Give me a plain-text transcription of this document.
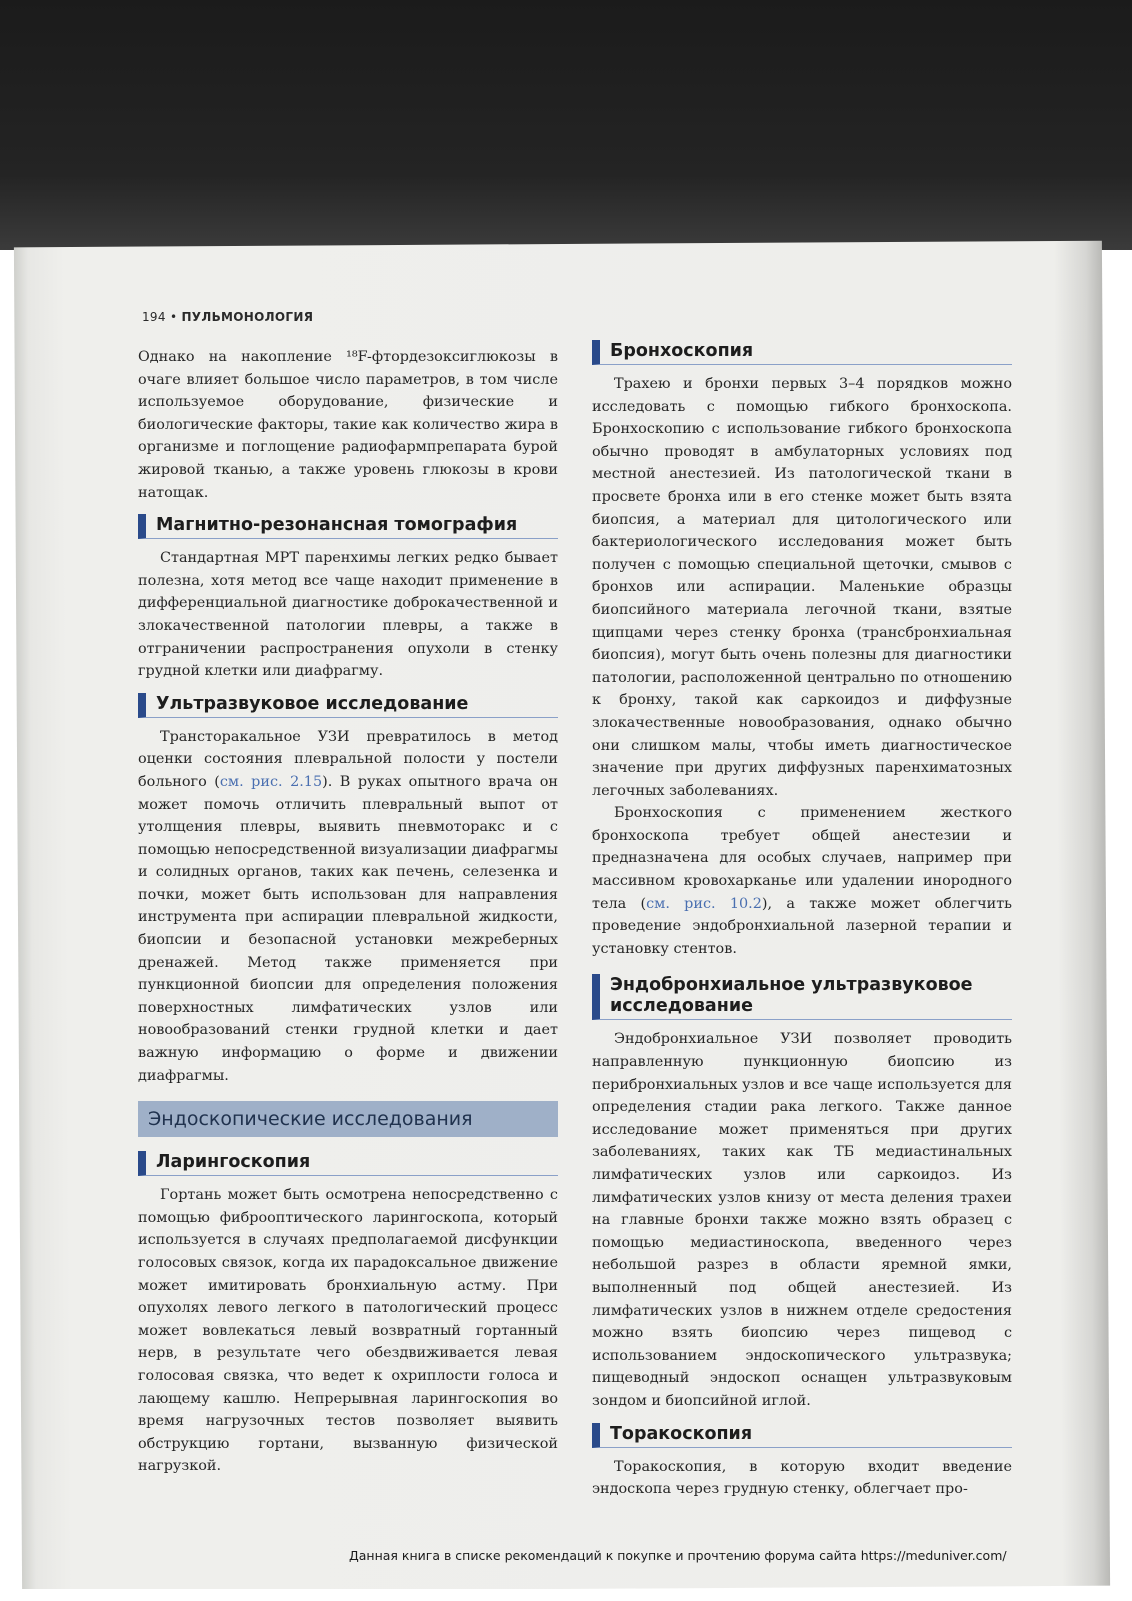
194 • ПУЛЬМОНОЛОГИЯ

Однако на накопление ¹⁸F-фтордезоксиглюкозы в очаге влияет большое число параметров, в том числе используемое оборудование, физические и биологические факторы, такие как количество жира в организме и поглощение радиофармпрепарата бурой жировой тканью, а также уровень глюкозы в крови натощак.

Магнитно-резонансная томография

Стандартная МРТ паренхимы легких редко бывает полезна, хотя метод все чаще находит применение в дифференциальной диагностике доброкачественной и злокачественной патологии плевры, а также в отграничении распространения опухоли в стенку грудной клетки или диафрагму.

Ультразвуковое исследование

Трансторакальное УЗИ превратилось в метод оценки состояния плевральной полости у постели больного (см. рис. 2.15). В руках опытного врача он может помочь отличить плевральный выпот от утолщения плевры, выявить пневмоторакс и с помощью непосредственной визуализации диафрагмы и солидных органов, таких как печень, селезенка и почки, может быть использован для направления инструмента при аспирации плевральной жидкости, биопсии и безопасной установки межреберных дренажей. Метод также применяется при пункционной биопсии для определения положения поверхностных лимфатических узлов или новообразований стенки грудной клетки и дает важную информацию о форме и движении диафрагмы.

Эндоскопические исследования
Ларингоскопия

Гортань может быть осмотрена непосредственно с помощью фиброоптического ларингоскопа, который используется в случаях предполагаемой дисфункции голосовых связок, когда их парадоксальное движение может имитировать бронхиальную астму. При опухолях левого легкого в патологический процесс может вовлекаться левый возвратный гортанный нерв, в результате чего обездвиживается левая голосовая связка, что ведет к охриплости голоса и лающему кашлю. Непрерывная ларингоскопия во время нагрузочных тестов позволяет выявить обструкцию гортани, вызванную физической нагрузкой.

Бронхоскопия

Трахею и бронхи первых 3–4 порядков можно исследовать с помощью гибкого бронхоскопа. Бронхоскопию с использование гибкого бронхоскопа обычно проводят в амбулаторных условиях под местной анестезией. Из патологической ткани в просвете бронха или в его стенке может быть взята биопсия, а материал для цитологического или бактериологического исследования может быть получен с помощью специальной щеточки, смывов с бронхов или аспирации. Маленькие образцы биопсийного материала легочной ткани, взятые щипцами через стенку бронха (трансбронхиальная биопсия), могут быть очень полезны для диагностики патологии, расположенной центрально по отношению к бронху, такой как саркоидоз и диффузные злокачественные новообразования, однако обычно они слишком малы, чтобы иметь диагностическое значение при других диффузных паренхиматозных легочных заболеваниях.

Бронхоскопия с применением жесткого бронхоскопа требует общей анестезии и предназначена для особых случаев, например при массивном кровохарканье или удалении инородного тела (см. рис. 10.2), а также может облегчить проведение эндобронхиальной лазерной терапии и установку стентов.

Эндобронхиальное ультразвуковое исследование

Эндобронхиальное УЗИ позволяет проводить направленную пункционную биопсию из перибронхиальных узлов и все чаще используется для определения стадии рака легкого. Также данное исследование может применяться при других заболеваниях, таких как ТБ медиастинальных лимфатических узлов или саркоидоз. Из лимфатических узлов книзу от места деления трахеи на главные бронхи также можно взять образец с помощью медиастиноскопа, введенного через небольшой разрез в области яремной ямки, выполненный под общей анестезией. Из лимфатических узлов в нижнем отделе средостения можно взять биопсию через пищевод с использованием эндоскопического ультразвука; пищеводный эндоскоп оснащен ультразвуковым зондом и биопсийной иглой.

Торакоскопия

Торакоскопия, в которую входит введение эндоскопа через грудную стенку, облегчает про-

Данная книга в списке рекомендаций к покупке и прочтению форума сайта https://meduniver.com/
